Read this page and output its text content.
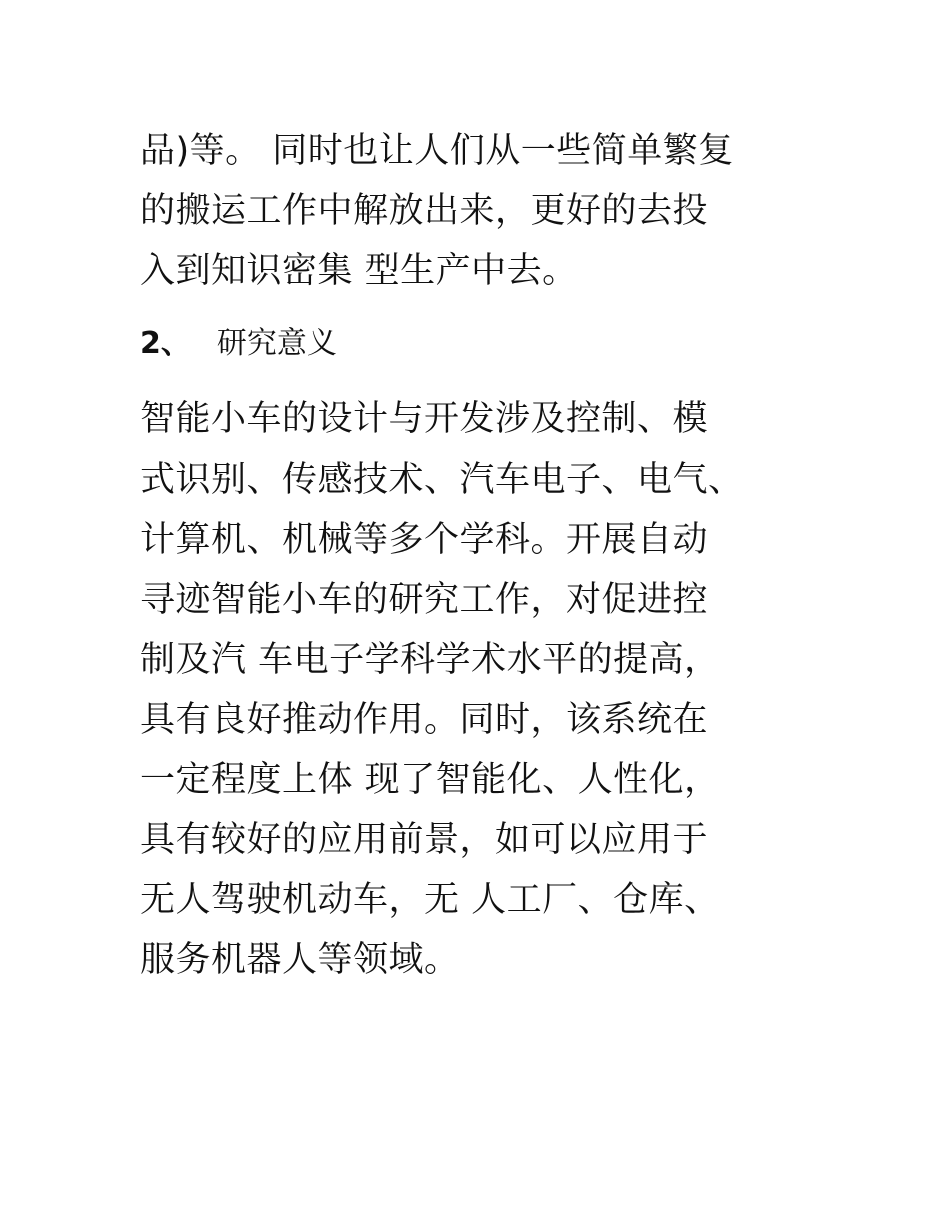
品)等。 同时也让人们从一些简单繁复
的搬运工作中解放出来，更好的去投
入到知识密集 型生产中去。
2、 研究意义
智能小车的设计与开发涉及控制、模
式识别、传感技术、汽车电子、电气、
计算机、机械等多个学科。开展自动
寻迹智能小车的研究工作，对促进控
制及汽 车电子学科学术水平的提高，
具有良好推动作用。同时，该系统在
一定程度上体 现了智能化、人性化，
具有较好的应用前景，如可以应用于
无人驾驶机动车，无 人工厂、仓库、
服务机器人等领域。
